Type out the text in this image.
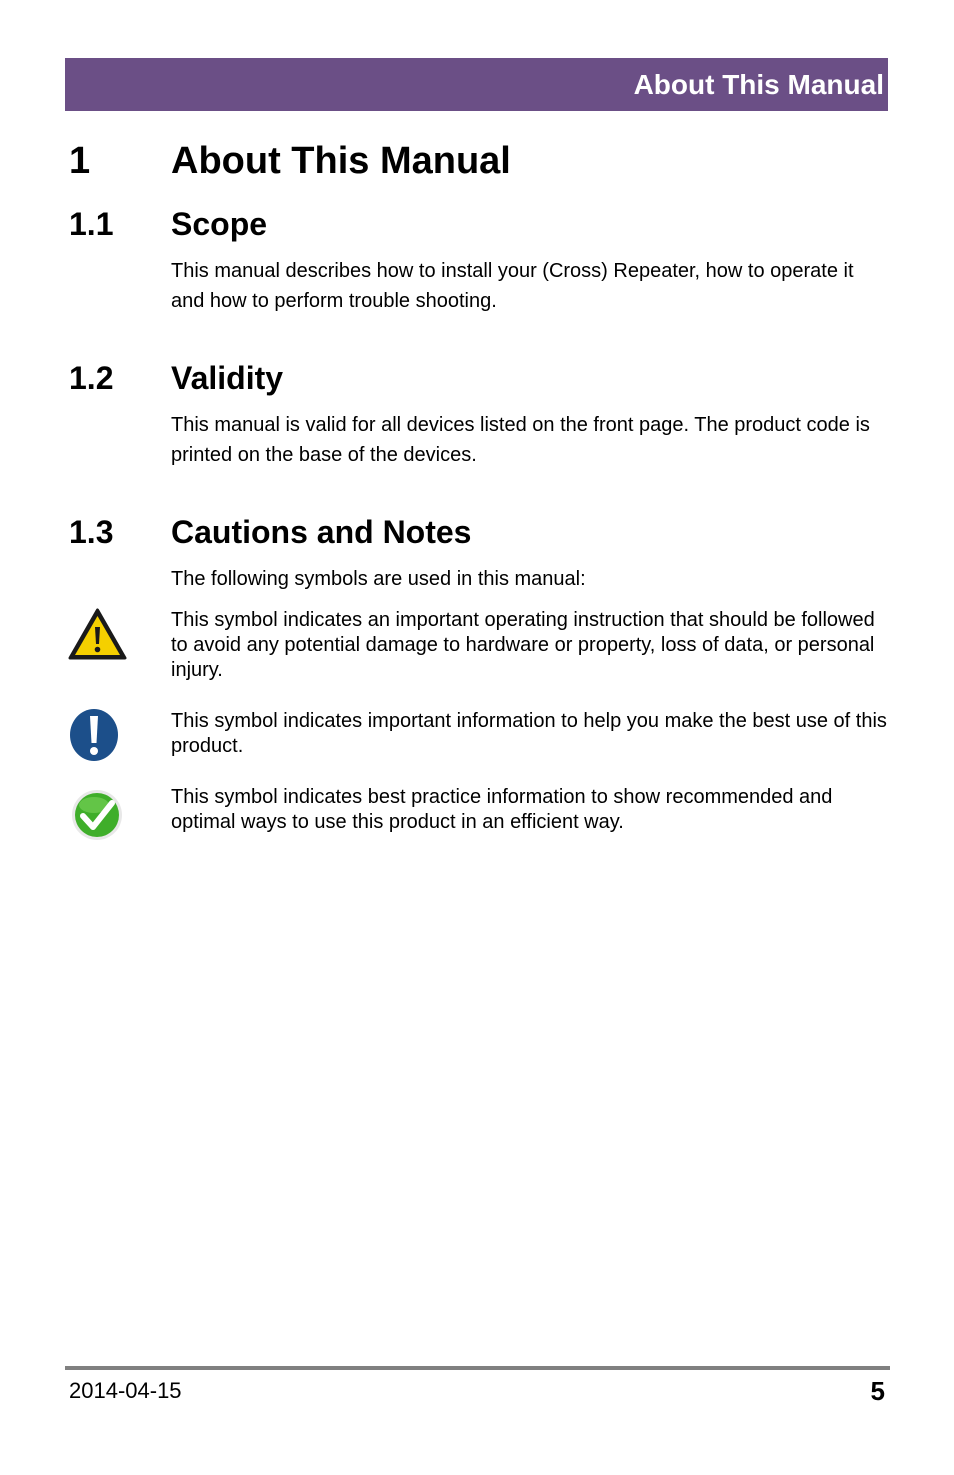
About This Manual
1 About This Manual
1.1 Scope

This manual describes how to install your (Cross) Repeater, how to operate it and how to perform trouble shooting.

1.2 Validity

This manual is valid for all devices listed on the front page. The product code is printed on the base of the devices.

1.3 Cautions and Notes

The following symbols are used in this manual:

This symbol indicates an important operating instruction that should be followed to avoid any potential damage to hardware or property, loss of data, or personal injury.

This symbol indicates important information to help you make the best use of this product.

This symbol indicates best practice information to show recommended and optimal ways to use this product in an efficient way.

2014-04-15	5
